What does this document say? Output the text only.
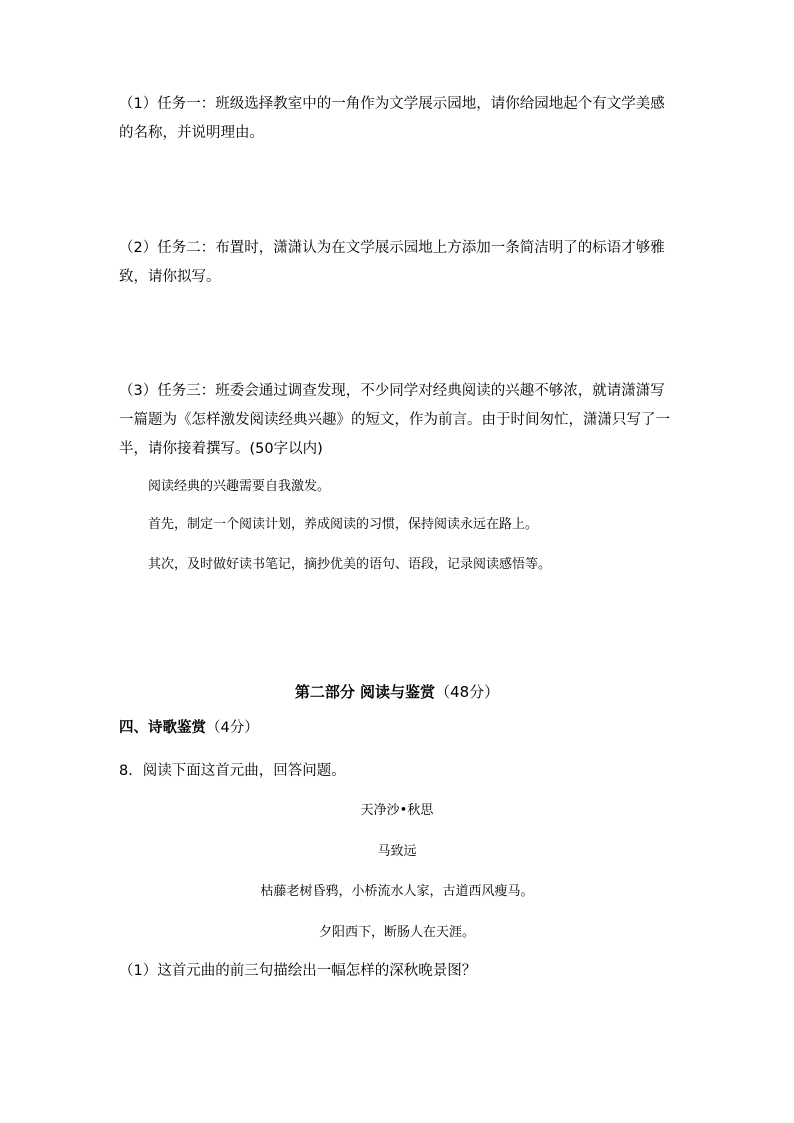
（1）任务一：班级选择教室中的一角作为文学展示园地，请你给园地起个有文学美感的名称，并说明理由。
（2）任务二：布置时，潇潇认为在文学展示园地上方添加一条简洁明了的标语才够雅致，请你拟写。
（3）任务三：班委会通过调查发现，不少同学对经典阅读的兴趣不够浓，就请潇潇写一篇题为《怎样激发阅读经典兴趣》的短文，作为前言。由于时间匆忙，潇潇只写了一半，请你接着撰写。(50字以内)
阅读经典的兴趣需要自我激发。
首先，制定一个阅读计划，养成阅读的习惯，保持阅读永远在路上。
其次，及时做好读书笔记，摘抄优美的语句、语段，记录阅读感悟等。
第二部分 阅读与鉴赏（48分）
四、诗歌鉴赏（4分）
8．阅读下面这首元曲，回答问题。
天净沙•秋思
马致远
枯藤老树昏鸦，小桥流水人家，古道西风瘦马。
夕阳西下，断肠人在天涯。
（1）这首元曲的前三句描绘出一幅怎样的深秋晚景图？
